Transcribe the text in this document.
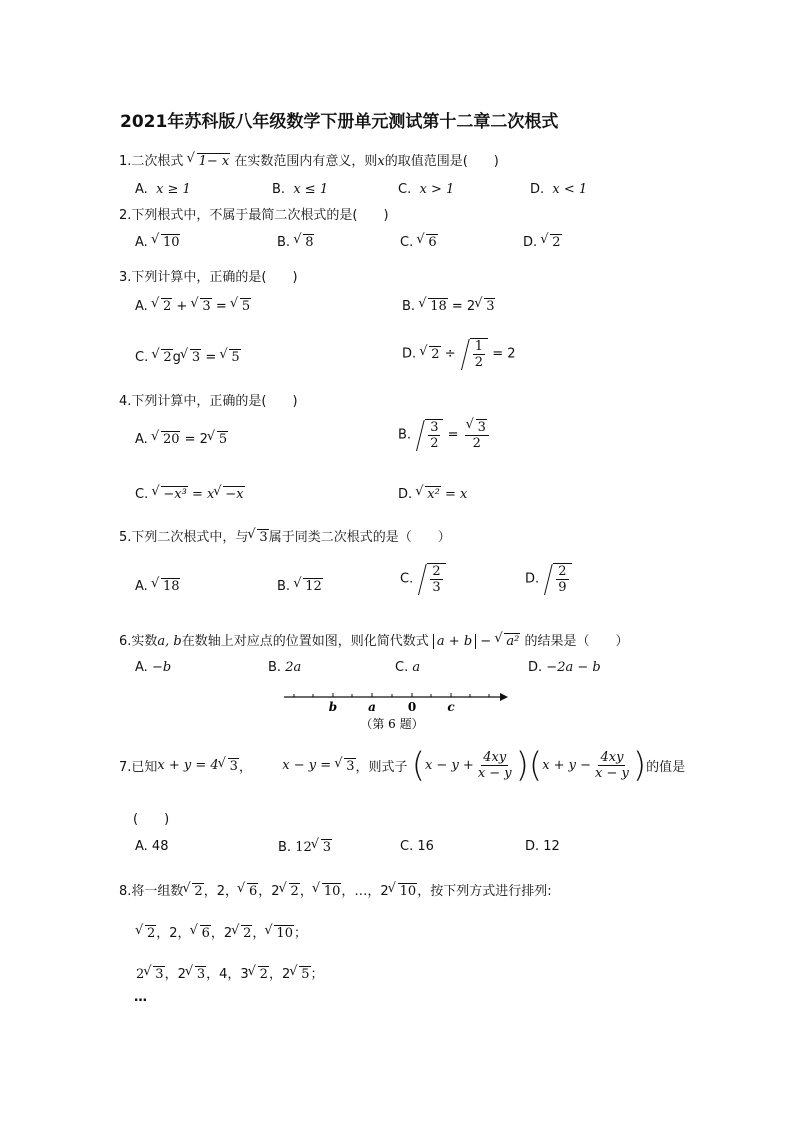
2021年苏科版八年级数学下册单元测试第十二章二次根式
1.二次根式 √ 1− x 在实数范围内有意义，则x的取值范围是(　　)
A. x ≥ 1	B. x ≤ 1	C. x > 1	D. x < 1
2.下列根式中，不属于最简二次根式的是(　　)
A. √ 10	B. √ 8	C. √ 6	D. √ 2
3.下列计算中，正确的是(　　)
A. √ 2 + √ 3 = √ 5	B. √ 18 = 2 √ 3
C. √ 2g √ 3 = √ 5	D. √ $2 \div \frac{1}{2} = 2$
4.下列计算中，正确的是(　　)
A. √ 20 = 2 √ 5	B. $\frac{3}{2}$ = √ $\frac{3}{2}$
C. √ −x³ = x √ −x	D. √ x² = x
5.下列二次根式中，与 √ 3属于同类二次根式的是（　　）
A. √ 18	B. √ 12	C. $\frac{2}{3}$	D. $\frac{2}{9}$
6.实数a, b在数轴上对应点的位置如图，则化简代数式 a + b − √ a² 的结果是（　　）
A. −b	B. 2a	C. a	D. −2a − b
b	a	0	c
（第 6 题）
7.已知x + y = 4 √ 3， x − y = √ 3，则式子 $(x - y + \frac{4xy}{x - y} )(x + y - \frac{4xy}{x - y}$ )的值是
(　　)
A. 48	B. 12 √ 3	C. 16	D. 12
8.将一组数 √ 2，2， √ 6，2 √ 2， √ 10，…，2 √ 10，按下列方式进行排列:
√ 2，2， √ 6，2 √ 2， √ 10；
2 √ 3，2 √ 3，4，3 √ 2，2 √ 5；
…
